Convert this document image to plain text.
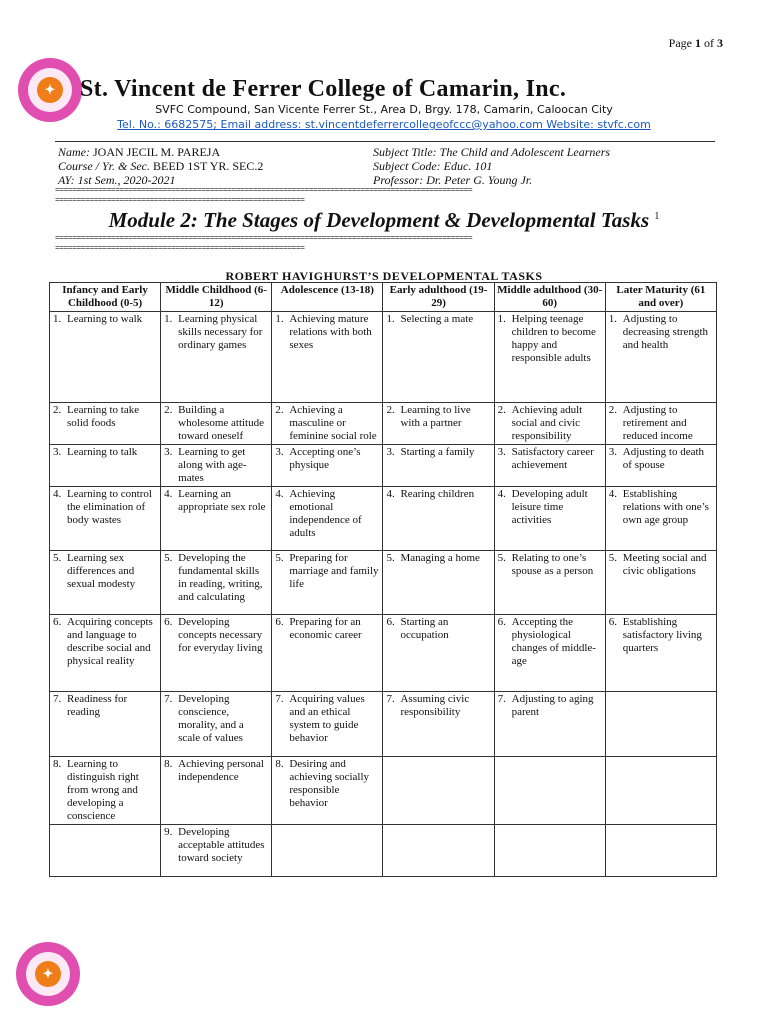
Page 1 of 3
✦	St. Vincent de Ferrer College of Camarin, Inc.
SVFC Compound, San Vicente Ferrer St., Area D, Brgy. 178, Camarin, Caloocan City
Tel. No.: 6682575; Email address: st.vincentdeferrercollegeofccc@yahoo.com Website: stvfc.com
Name: JOAN JECIL M. PAREJA
Course / Yr. & Sec. BEED 1ST YR. SEC.2
AY: 1st Sem., 2020-2021
Subject Title: The Child and Adolescent Learners
Subject Code: Educ. 101
Professor: Dr. Peter G. Young Jr.
=================================================================================================
==========================================================
Module 2: The Stages of Development & Developmental Tasks $^1$
=================================================================================================
==========================================================
ROBERT HAVIGHURST’S DEVELOPMENTAL TASKS
Infancy and Early Childhood (0-5)	Middle Childhood (6-12)	Adolescence (13-18)	Early adulthood (19-29)	Middle adulthood (30-60)	Later Maturity (61 and over)

1. Learning to walk	1. Learning physical skills necessary for ordinary games	1. Achieving mature relations with both sexes	1. Selecting a mate	1. Helping teenage children to become happy and responsible adults	1. Adjusting to decreasing strength and health

2. Learning to take solid foods	2. Building a wholesome attitude toward oneself	2. Achieving a masculine or feminine social role	2. Learning to live with a partner	2. Achieving adult social and civic responsibility	2. Adjusting to retirement and reduced income

3. Learning to talk	3. Learning to get along with age-mates	3. Accepting one’s physique	3. Starting a family	3. Satisfactory career achievement	3. Adjusting to death of spouse

4. Learning to control the elimination of body wastes	4. Learning an appropriate sex role	4. Achieving emotional independence of adults	4. Rearing children	4. Developing adult leisure time activities	4. Establishing relations with one’s own age group

5. Learning sex differences and sexual modesty	5. Developing the fundamental skills in reading, writing, and calculating	5. Preparing for marriage and family life	5. Managing a home	5. Relating to one’s spouse as a person	5. Meeting social and civic obligations

6. Acquiring concepts and language to describe social and physical reality	6. Developing concepts necessary for everyday living	6. Preparing for an economic career	6. Starting an occupation	6. Accepting the physiological changes of middle-age	6. Establishing satisfactory living quarters

7. Readiness for reading	7. Developing conscience, morality, and a scale of values	7. Acquiring values and an ethical system to guide behavior	7. Assuming civic responsibility	7. Adjusting to aging parent	

8. Learning to distinguish right from wrong and developing a conscience	8. Achieving personal independence	8. Desiring and achieving socially responsible behavior			

	9. Developing acceptable attitudes toward society				

✦
